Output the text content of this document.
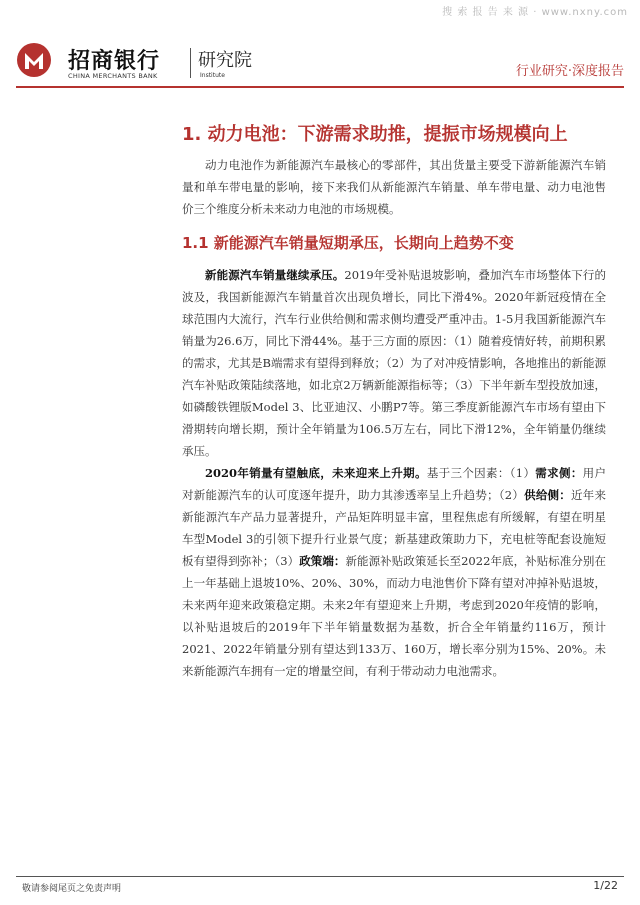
搜 索 报 告 来 源 · www.nxny.com
招商银行
CHINA MERCHANTS BANK
研究院
Institute	行业研究·深度报告
1. 动力电池：下游需求助推，提振市场规模向上
动力电池作为新能源汽车最核心的零部件，其出货量主要受下游新能源汽车销量和单车带电量的影响，接下来我们从新能源汽车销量、单车带电量、动力电池售价三个维度分析未来动力电池的市场规模。
1.1 新能源汽车销量短期承压，长期向上趋势不变
新能源汽车销量继续承压。2019年受补贴退坡影响，叠加汽车市场整体下行的波及，我国新能源汽车销量首次出现负增长，同比下滑4%。2020年新冠疫情在全球范围内大流行，汽车行业供给侧和需求侧均遭受严重冲击。1-5月我国新能源汽车销量为26.6万，同比下滑44%。基于三方面的原因：（1）随着疫情好转，前期积累的需求，尤其是B端需求有望得到释放；（2）为了对冲疫情影响，各地推出的新能源汽车补贴政策陆续落地，如北京2万辆新能源指标等；（3）下半年新车型投放加速，如磷酸铁锂版Model 3、比亚迪汉、小鹏P7等。第三季度新能源汽车市场有望由下滑期转向增长期，预计全年销量为106.5万左右，同比下滑12%，全年销量仍继续承压。
2020年销量有望触底，未来迎来上升期。基于三个因素：（1）需求侧：用户对新能源汽车的认可度逐年提升，助力其渗透率呈上升趋势；（2）供给侧：近年来新能源汽车产品力显著提升，产品矩阵明显丰富，里程焦虑有所缓解，有望在明星车型Model 3的引领下提升行业景气度；新基建政策助力下，充电桩等配套设施短板有望得到弥补；（3）政策端：新能源补贴政策延长至2022年底，补贴标准分别在上一年基础上退坡10%、20%、30%，而动力电池售价下降有望对冲掉补贴退坡，未来两年迎来政策稳定期。未来2年有望迎来上升期，考虑到2020年疫情的影响，以补贴退坡后的2019年下半年销量数据为基数，折合全年销量约116万，预计2021、2022年销量分别有望达到133万、160万，增长率分别为15%、20%。未来新能源汽车拥有一定的增量空间，有利于带动动力电池需求。
敬请参阅尾页之免责声明	1/22
